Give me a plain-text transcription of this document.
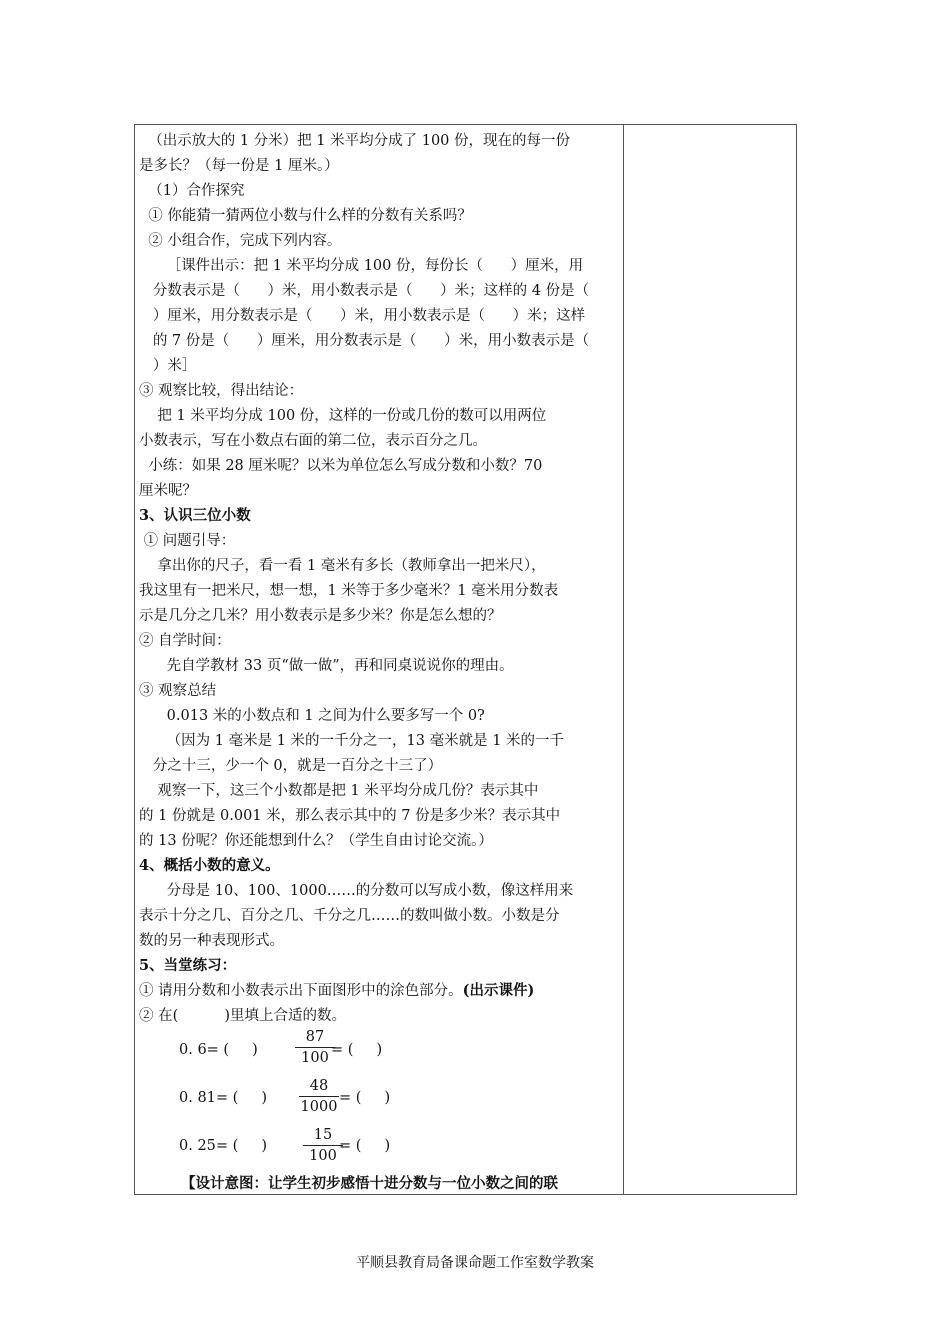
（出示放大的 1 分米）把 1 米平均分成了 100 份，现在的每一份
是多长？（每一份是 1 厘米。）
（1）合作探究
① 你能猜一猜两位小数与什么样的分数有关系吗？
② 小组合作，完成下列内容。
［课件出示：把 1 米平均分成 100 份，每份长（      ）厘米，用
分数表示是（      ）米，用小数表示是（      ）米；这样的 4 份是（
）厘米，用分数表示是（      ）米，用小数表示是（      ）米；这样
的 7 份是（      ）厘米，用分数表示是（      ）米，用小数表示是（
）米］
③ 观察比较，得出结论：
把 1 米平均分成 100 份，这样的一份或几份的数可以用两位
小数表示，写在小数点右面的第二位，表示百分之几。
小练：如果 28 厘米呢？以米为单位怎么写成分数和小数？70
厘米呢？
3、认识三位小数
① 问题引导：
拿出你的尺子，看一看 1 毫米有多长（教师拿出一把米尺），
我这里有一把米尺，想一想，1 米等于多少毫米？1 毫米用分数表
示是几分之几米？用小数表示是多少米？你是怎么想的？
② 自学时间：
先自学教材 33 页“做一做”，再和同桌说说你的理由。
③ 观察总结
0.013 米的小数点和 1 之间为什么要多写一个 0?
（因为 1 毫米是 1 米的一千分之一，13 毫米就是 1 米的一千
分之十三，少一个 0，就是一百分之十三了）
观察一下，这三个小数都是把 1 米平均分成几份？表示其中
的 1 份就是 0.001 米，那么表示其中的 7 份是多少米？表示其中
的 13 份呢？你还能想到什么？（学生自由讨论交流。）
4、概括小数的意义。
分母是 10、100、1000……的分数可以写成小数，像这样用来
表示十分之几、百分之几、千分之几……的数叫做小数。小数是分
数的另一种表现形式。
5、当堂练习：
① 请用分数和小数表示出下面图形中的涂色部分。(出示课件)
② 在(          )里填上合适的数。
0. 6= (     )
87
100 = (     )
0. 81= (     )
48
1000
= (     )
0. 25= (     )
15
100
= (     )
【设计意图：让学生初步感悟十进分数与一位小数之间的联
平顺县教育局备课命题工作室数学教案
